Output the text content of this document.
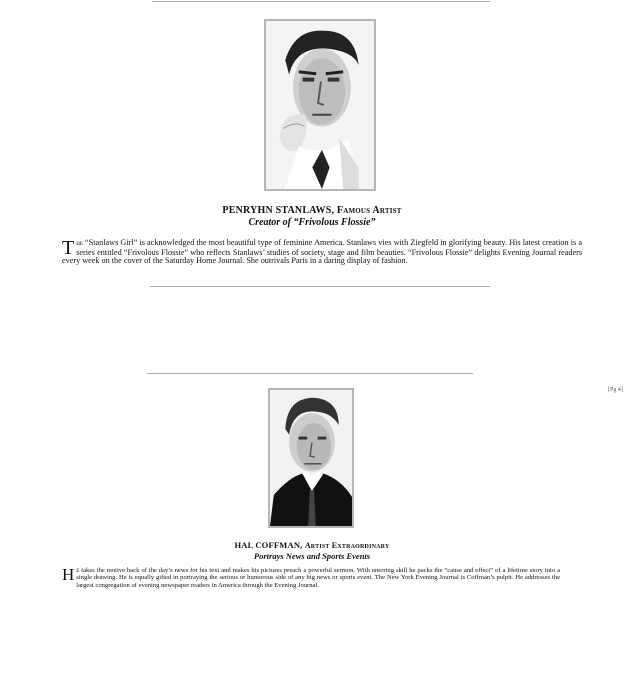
PENRYHN STANLAWS, Famous Artist
Creator of “Frivolous Flossie”
The “Stanlaws Girl” is acknowledged the most beautiful type of feminine America. Stanlaws vies with Ziegfeld in glorifying beauty. His latest creation is a series entitled “Frivolous Flossie” who reflects Stanlaws’ studies of society, stage and film beauties. “Frivolous Flossie” delights Evening Journal readers every week on the cover of the Saturday Home Journal. She outrivals Paris in a daring display of fashion.
[Pg 4]
HAL COFFMAN, Artist Extraordinary
Portrays News and Sports Events
He takes the motive back of the day’s news for his text and makes his pictures preach a powerful sermon. With unerring skill he packs the “cause and effect” of a lifetime story into a single drawing. He is equally gifted in portraying the serious or humorous side of any big news or sports event. The New York Evening Journal is Coffman’s pulpit. He addresses the largest congregation of evening newspaper readers in America through the Evening Journal.
